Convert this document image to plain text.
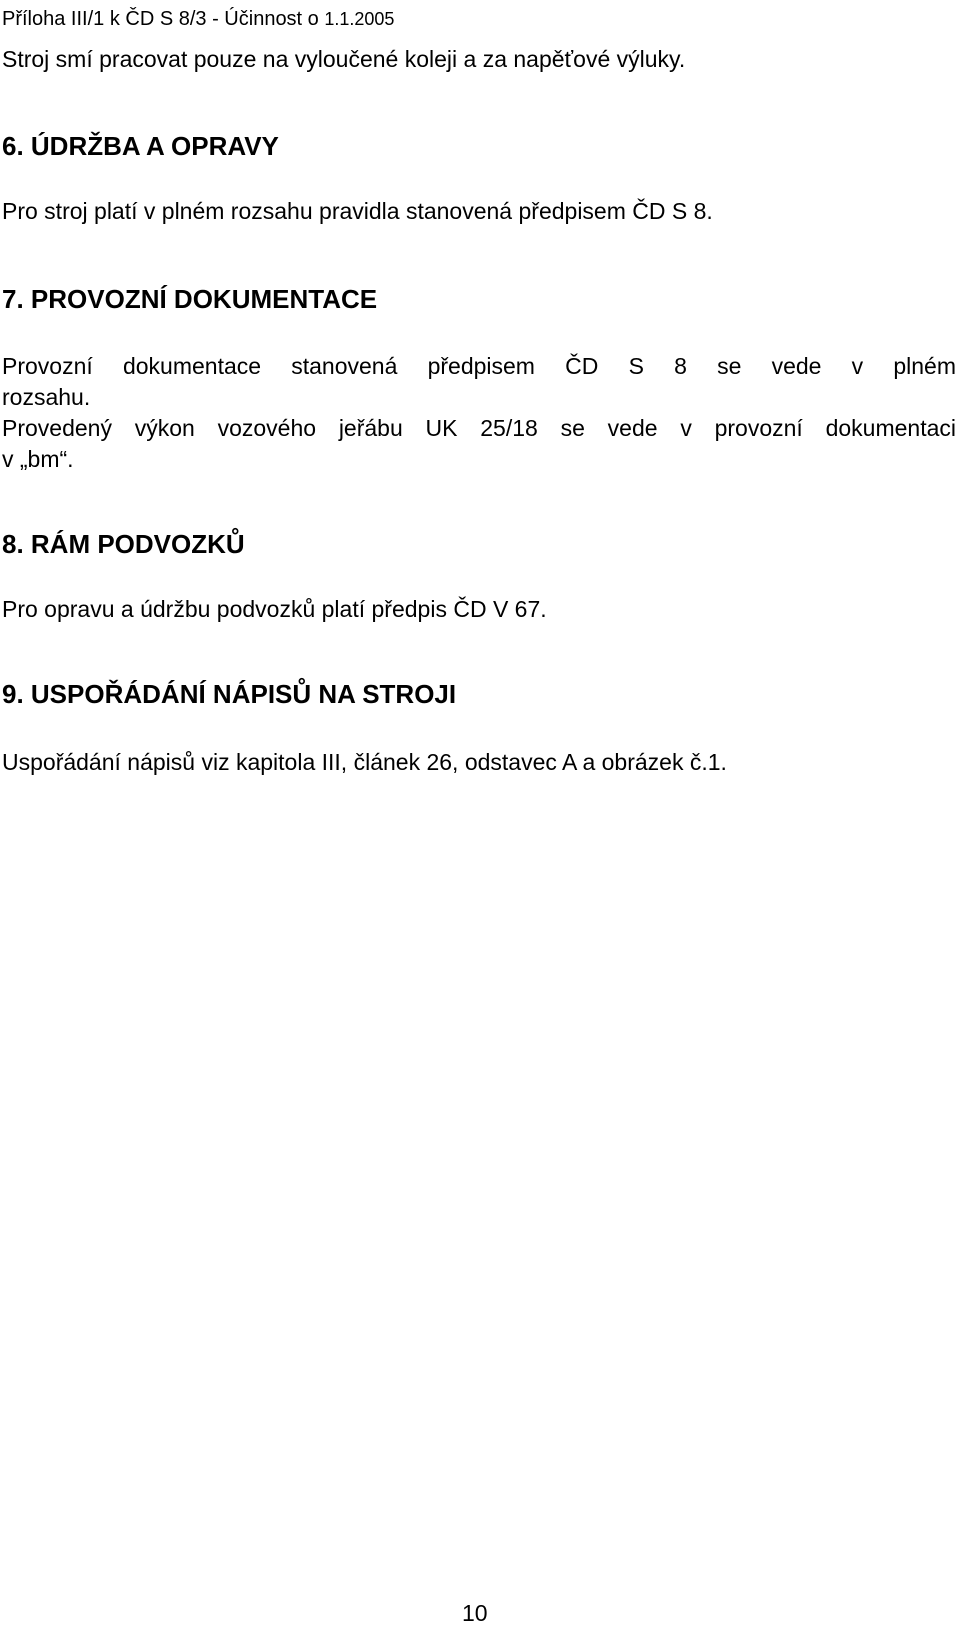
Příloha III/1 k ČD S 8/3 - Účinnost o 1.1.2005
Stroj smí pracovat pouze na vyloučené koleji a za napěťové výluky.
6. ÚDRŽBA A OPRAVY
Pro stroj platí v plném rozsahu pravidla stanovená předpisem ČD S 8.
7. PROVOZNÍ DOKUMENTACE
Provozní dokumentace stanovená předpisem ČD S 8 se vede v plném
rozsahu.
Provedený výkon vozového jeřábu UK 25/18 se vede v provozní dokumentaci
v „bm“.
8. RÁM PODVOZKŮ
Pro opravu a údržbu podvozků platí předpis ČD V 67.
9. USPOŘÁDÁNÍ NÁPISŮ NA STROJI
Uspořádání nápisů viz kapitola III, článek 26, odstavec A a obrázek č.1.
10
